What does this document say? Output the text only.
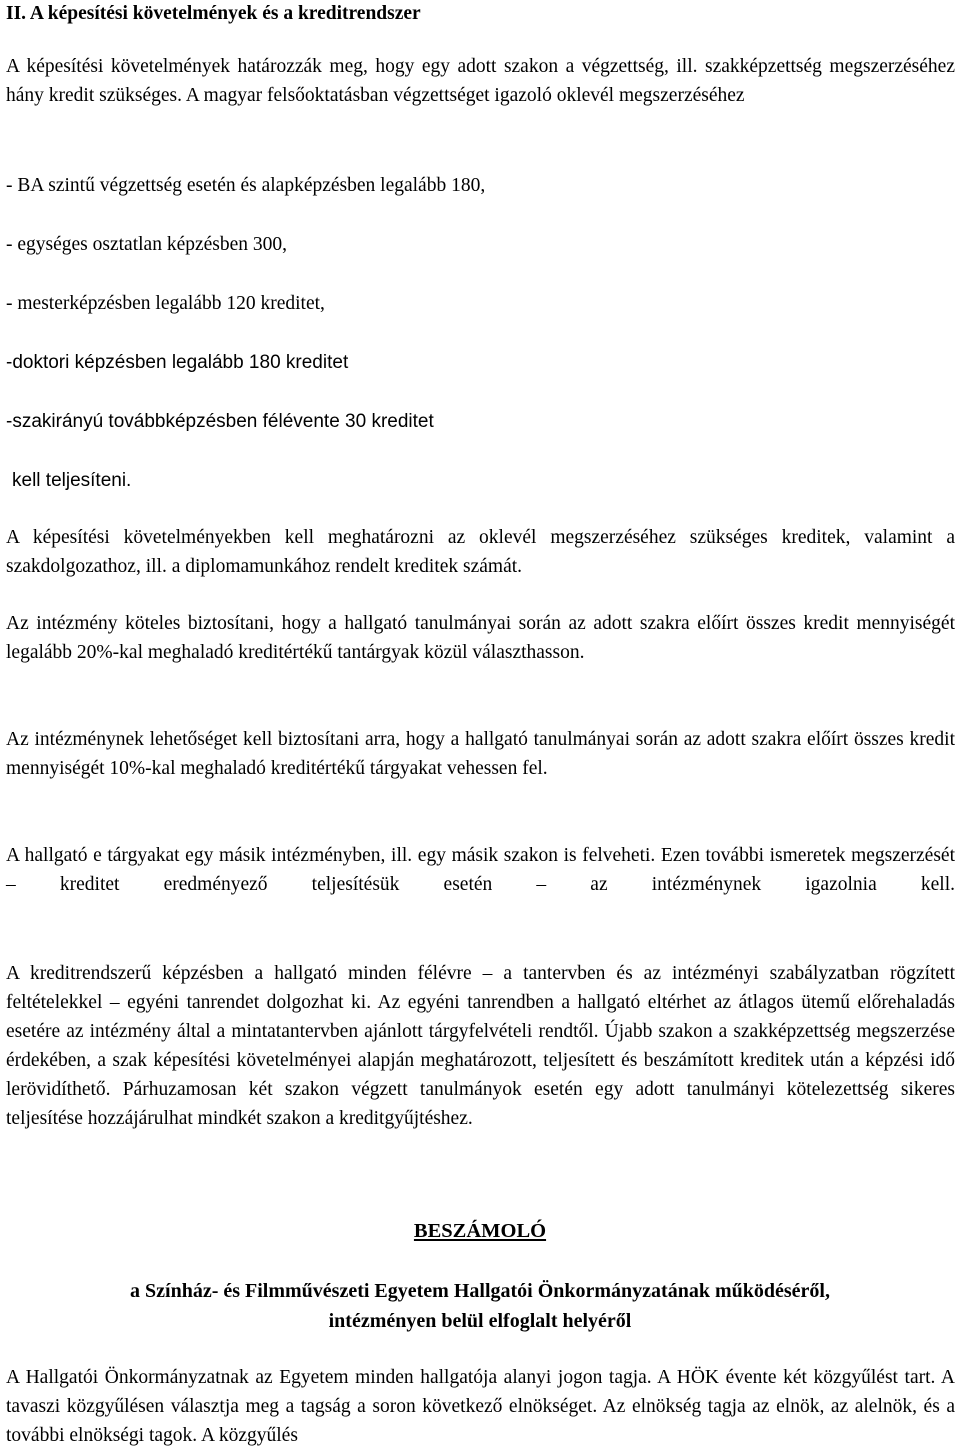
II. A képesítési követelmények és a kreditrendszer

A képesítési követelmények határozzák meg, hogy egy adott szakon a végzettség, ill. szakképzettség megszerzéséhez hány kredit szükséges. A magyar felsőoktatásban végzettséget igazoló oklevél megszerzéséhez

- BA szintű végzettség esetén és alapképzésben legalább 180,

- egységes osztatlan képzésben 300,

- mesterképzésben legalább 120 kreditet,

-doktori képzésben legalább 180 kreditet

-szakirányú továbbképzésben félévente 30 kreditet

kell teljesíteni.

A képesítési követelményekben kell meghatározni az oklevél megszerzéséhez szükséges kreditek, valamint a szakdolgozathoz, ill. a diplomamunkához rendelt kreditek számát.

Az intézmény köteles biztosítani, hogy a hallgató tanulmányai során az adott szakra előírt összes kredit mennyiségét legalább 20%-kal meghaladó kreditértékű tantárgyak közül választhasson.

Az intézménynek lehetőséget kell biztosítani arra, hogy a hallgató tanulmányai során az adott szakra előírt összes kredit mennyiségét 10%-kal meghaladó kreditértékű tárgyakat vehessen fel.

A hallgató e tárgyakat egy másik intézményben, ill. egy másik szakon is felveheti. Ezen további ismeretek megszerzését – kreditet eredményező teljesítésük esetén – az intézménynek igazolnia kell.

A kreditrendszerű képzésben a hallgató minden félévre – a tantervben és az intézményi szabályzatban rögzített feltételekkel – egyéni tanrendet dolgozhat ki. Az egyéni tanrendben a hallgató eltérhet az átlagos ütemű előrehaladás esetére az intézmény által a mintatantervben ajánlott tárgyfelvételi rendtől. Újabb szakon a szakképzettség megszerzése érdekében, a szak képesítési követelményei alapján meghatározott, teljesített és beszámított kreditek után a képzési idő lerövidíthető. Párhuzamosan két szakon végzett tanulmányok esetén egy adott tanulmányi kötelezettség sikeres teljesítése hozzájárulhat mindkét szakon a kreditgyűjtéshez.

BESZÁMOLÓ

a Színház- és Filmművészeti Egyetem Hallgatói Önkormányzatának működéséről,

intézményen belül elfoglalt helyéről

A Hallgatói Önkormányzatnak az Egyetem minden hallgatója alanyi jogon tagja. A HÖK évente két közgyűlést tart. A tavaszi közgyűlésen választja meg a tagság a soron következő elnökséget. Az elnökség tagja az elnök, az alelnök, és a további elnökségi tagok. A közgyűlés
